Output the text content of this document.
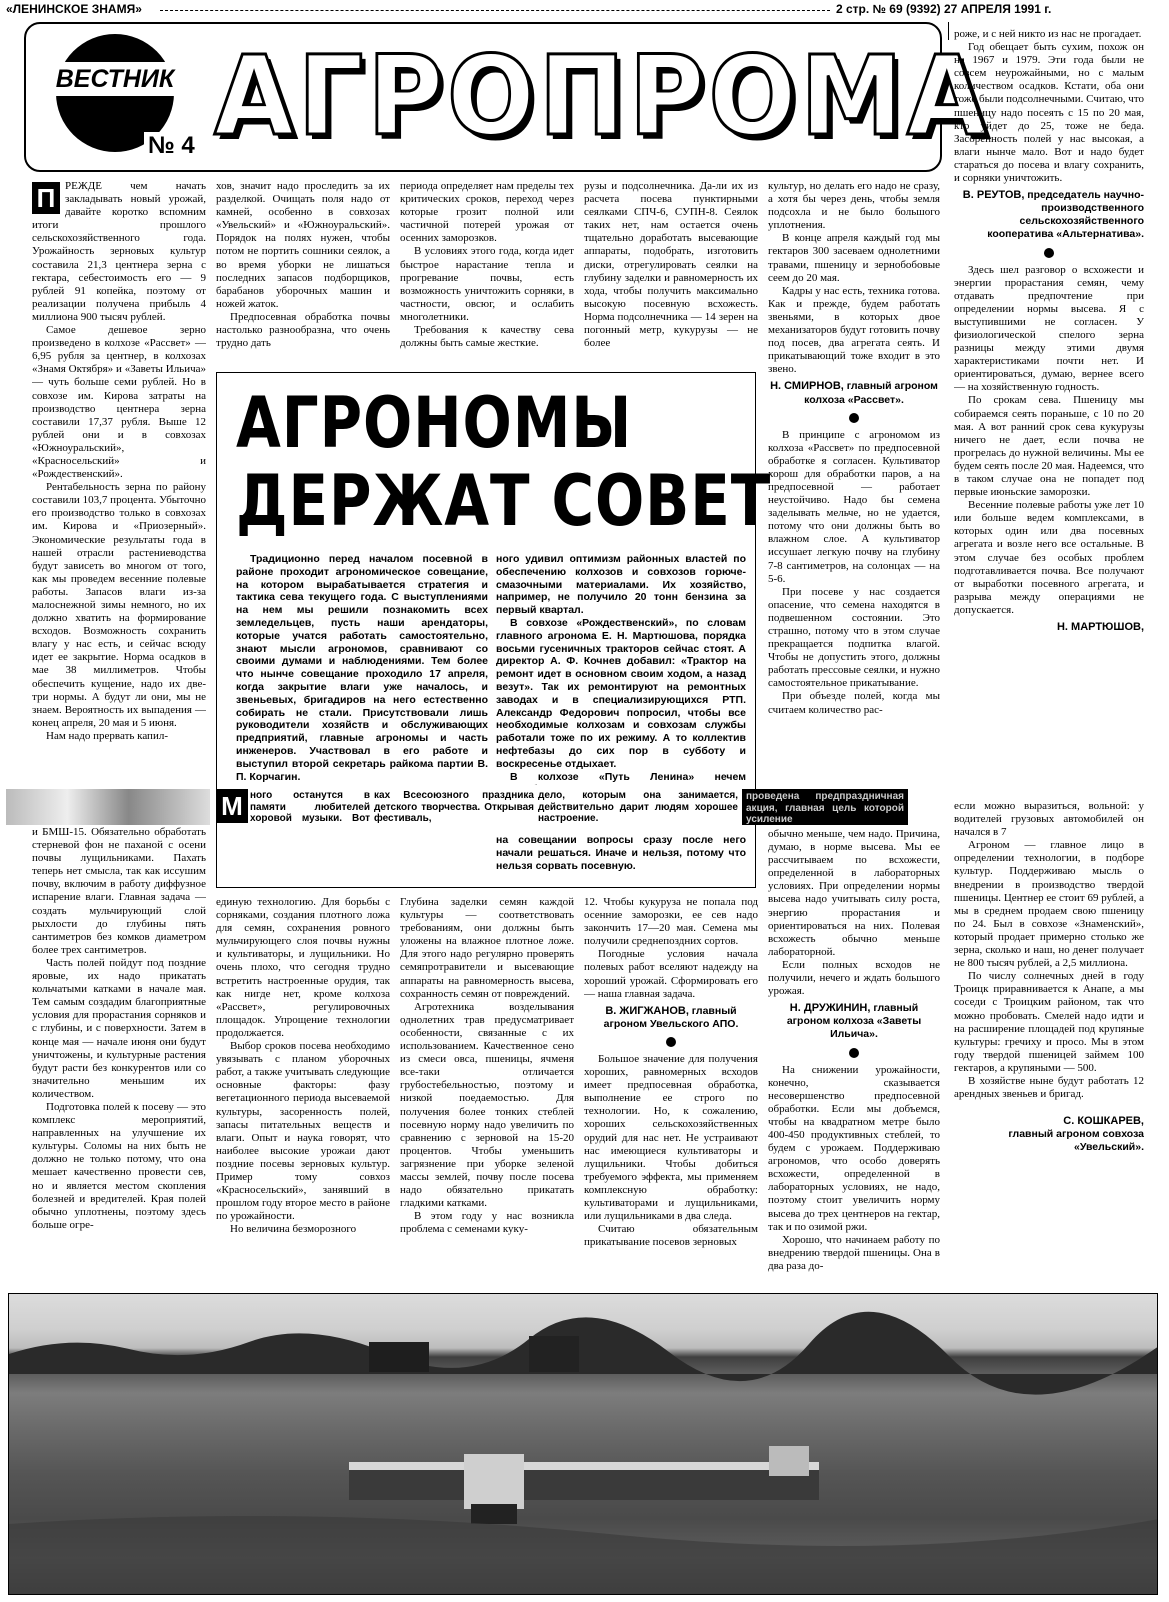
«ЛЕНИНСКОЕ ЗНАМЯ»	2 стр. № 69 (9392) 27 АПРЕЛЯ 1991 г.
ВЕСТНИК
№ 4 АГРОПРОМА

П РЕЖДЕ чем начать закладывать новый урожай, давайте коротко вспомним итоги прошлого сельскохозяйственного года. Урожайность зерновых культур составила 21,3 центнера зерна с гектара, себестоимость его — 9 рублей 91 копейка, поэтому от реализации получена прибыль 4 миллиона 900 тысяч рублей.

Самое дешевое зерно произведено в колхозе «Рассвет» — 6,95 рубля за центнер, в колхозах «Знамя Октября» и «Заветы Ильича» — чуть больше семи рублей. Но в совхозе им. Кирова затраты на производство центнера зерна составили 17,37 рубля. Выше 12 рублей они и в совхозах «Южноуральский», «Красносельский» и «Рождественский».

Рентабельность зерна по району составили 103,7 процента. Убыточно его производство только в совхозах им. Кирова и «Приозерный». Экономические результаты года в нашей отрасли растениеводства будут зависеть во многом от того, как мы проведем весенние полевые работы. Запасов влаги из-за малоснежной зимы немного, но их должно хватить на формирование всходов. Возможность сохранить влагу у нас есть, и сейчас всюду идет ее закрытие. Норма осадков в мае 38 миллиметров. Чтобы обеспечить кущение, надо их две-три нормы. А будут ли они, мы не знаем. Вероятность их выпадения — конец апреля, 20 мая и 5 июня.

Нам надо прервать капил-

и БМШ-15. Обязательно обработать стерневой фон не паханой с осени почвы лущильниками. Пахать теперь нет смысла, так как иссушим почву, включим в работу диффузное испарение влаги. Главная задача — создать мульчирующий слой рыхлости до глубины пять сантиметров без комков диаметром более трех сантиметров.

Часть полей пойдут под поздние яровые, их надо прикатать кольчатыми катками в начале мая. Тем самым создадим благоприятные условия для прорастания сорняков и с глубины, и с поверхности. Затем в конце мая — начале июня они будут уничтожены, и культурные растения будут расти без конкурентов или со значительно меньшим их количеством.

Подготовка полей к посеву — это комплекс мероприятий, направленных на улучшение их культуры. Соломы на них быть не должно не только потому, что она мешает качественно провести сев, но и является местом скопления болезней и вредителей. Края полей обычно уплотнены, поэтому здесь больше огре-

хов, значит надо проследить за их разделкой. Очищать поля надо от камней, особенно в совхозах «Увельский» и «Южноуральский». Порядок на полях нужен, чтобы потом не портить сошники сеялок, а во время уборки не лишаться последних запасов подборщиков, барабанов уборочных машин и ножей жаток.

Предпосевная обработка почвы настолько разнообразна, что очень трудно дать

периода определяет нам пределы тех критических сроков, переход через которые грозит полной или частичной потерей урожая от осенних заморозков.

В условиях этого года, когда идет быстрое нарастание тепла и прогревание почвы, есть возможность уничтожить сорняки, в частности, овсюг, и ослабить многолетники.

Требования к качеству сева должны быть самые жесткие.

рузы и подсолнечника. Да-ли их из расчета посева пунктирными сеялками СПЧ-6, СУПН-8. Сеялок таких нет, нам остается очень тщательно доработать высевающие аппараты, подобрать, изготовить диски, отрегулировать сеялки на глубину заделки и равномерность их хода, чтобы получить максимально высокую посевную всхожесть. Норма подсолнечника — 14 зерен на погонный метр, кукурузы — не более

АГРОНОМЫ
ДЕРЖАТ СОВЕТ

Традиционно перед началом посевной в районе проходит агрономическое совещание, на котором вырабатывается стратегия и тактика сева текущего года. С выступлениями на нем мы решили познакомить всех земледельцев, пусть наши арендаторы, которые учатся работать самостоятельно, знают мысли агрономов, сравнивают со своими думами и наблюдениями. Тем более что нынче совещание проходило 17 апреля, когда закрытие влаги уже началось, и звеньевых, бригадиров на него естественно собирать не стали. Присутствовали лишь руководители хозяйств и обслуживающих предприятий, главные агрономы и часть инженеров. Участвовал в его работе и выступил второй секретарь райкома партии В. П. Корчагин.

ного удивил оптимизм районных властей по обеспечению колхозов и совхозов горюче-смазочными материалами. Их хозяйство, например, не получило 20 тонн бензина за первый квартал.

В совхозе «Рождественский», по словам главного агронома Е. Н. Мартюшова, порядка восьми гусеничных тракторов сейчас стоят. А директор А. Ф. Кочнев добавил: «Трактор на ремонт идет в основном своим ходом, а назад везут». Так их ремонтируют на ремонтных заводах и в специализирующихся РТП. Александр Федорович попросил, чтобы все необходимые колхозам и совхозам службы работали тоже по их режиму. А то коллектив нефтебазы до сих пор в субботу и воскресенье отдыхает.

В колхозе «Путь Ленина» нечем

М ного останутся в памяти любителей хоровой музыки. Вот

ках Всесоюзного праздника детского творчества. Открывая фестиваль,

дело, которым она занимается, действительно дарит людям хорошее настроение.

проведена предпраздничная акция, главная цель которой усиление

на совещании вопросы сразу после него начали решаться. Иначе и нельзя, потому что нельзя сорвать посевную.

культур, но делать его надо не сразу, а хотя бы через день, чтобы земля подсохла и не было большого уплотнения.

В конце апреля каждый год мы гектаров 300 засеваем однолетними травами, пшеницу и зернобобовые сеем до 20 мая.

Кадры у нас есть, техника готова. Как и прежде, будем работать звеньями, в которых двое механизаторов будут готовить почву под посев, два агрегата сеять. И прикатывающий тоже входит в это звено.

Н. СМИРНОВ, главный агроном колхоза «Рассвет».

В принципе с агрономом из колхоза «Рассвет» по предпосевной обработке я согласен. Культиватор хорош для обработки паров, а на предпосевной — работает неустойчиво. Надо бы семена заделывать мельче, но не удается, потому что они должны быть во влажном слое. А культиватор иссушает легкую почву на глубину 7-8 сантиметров, на солонцах — на 5-6.

При посеве у нас создается опасение, что семена находятся в подвешенном состоянии. Это страшно, потому что в этом случае прекращается подпитка влагой. Чтобы не допустить этого, должны работать прессовые сеялки, и нужно самостоятельное прикатывание.

При объезде полей, когда мы считаем количество рас-

обычно меньше, чем надо. Причина, думаю, в норме высева. Мы ее рассчитываем по всхожести, определенной в лабораторных условиях. При определении нормы высева надо учитывать силу роста, энергию прорастания и ориентироваться на них. Полевая всхожесть обычно меньше лабораторной.

Если полных всходов не получили, нечего и ждать большого урожая.

Н. ДРУЖИНИН, главный агроном колхоза «Заветы Ильича».

На снижении урожайности, конечно, сказывается несовершенство предпосевной обработки. Если мы добъемся, чтобы на квадратном метре было 400-450 продуктивных стеблей, то будем с урожаем. Поддерживаю агрономов, что особо доверять всхожести, определенной в лабораторных условиях, не надо, поэтому стоит увеличить норму высева до трех центнеров на гектар, так и по озимой ржи.

Хорошо, что начинаем работу по внедрению твердой пшеницы. Она в два раза до-

роже, и с ней никто из нас не прогадает.

Год обещает быть сухим, похож он на 1967 и 1979. Эти года были не совсем неурожайными, но с малым количеством осадков. Кстати, оба они тоже были подсолнечными. Считаю, что пшеницу надо посеять с 15 по 20 мая, кто уйдет до 25, тоже не беда. Засоренность полей у нас высокая, а влаги нынче мало. Вот и надо будет стараться до посева и влагу сохранить, и сорняки уничтожить.

В. РЕУТОВ, председатель научно-производственного сельскохозяйственного кооператива «Альтернатива».

Здесь шел разговор о всхожести и энергии прорастания семян, чему отдавать предпочтение при определении нормы высева. Я с выступившими не согласен. У физиологической спелого зерна разницы между этими двумя характеристиками почти нет. И ориентироваться, думаю, вернее всего — на хозяйственную годность.

По срокам сева. Пшеницу мы собираемся сеять пораньше, с 10 по 20 мая. А вот ранний срок сева кукурузы ничего не дает, если почва не прогрелась до нужной величины. Мы ее будем сеять после 20 мая. Надеемся, что в таком случае она не попадет под первые июньские заморозки.

Весенние полевые работы уже лет 10 или больше ведем комплексами, в которых один или два посевных агрегата и возле него все остальные. В этом случае без особых проблем подготавливается почва. Все получают от выработки посевного агрегата, и разрыва между операциями не допускается.

Н. МАРТЮШОВ,

если можно выразиться, вольной: у водителей грузовых автомобилей он начался в 7

Агроном — главное лицо в определении технологии, в подборе культур. Поддерживаю мысль о внедрении в производство твердой пшеницы. Центнер ее стоит 69 рублей, а мы в среднем продаем свою пшеницу по 24. Был в совхозе «Знаменский», который продает примерно столько же зерна, сколько и наш, но денег получает не 800 тысяч рублей, а 2,5 миллиона.

По числу солнечных дней в году Троицк приравнивается к Анапе, а мы соседи с Троицким районом, так что можно пробовать. Смелей надо идти и на расширение площадей под крупяные культуры: гречиху и просо. Мы в этом году твердой пшеницей займем 100 гектаров, а крупяными — 500.

В хозяйстве ныне будут работать 12 арендных звеньев и бригад.

С. КОШКАРЕВ,
главный агроном совхоза «Увельский».

единую технологию. Для борьбы с сорняками, создания плотного ложа для семян, сохранения ровного мульчирующего слоя почвы нужны и культиваторы, и лущильники. Но очень плохо, что сегодня трудно встретить настроенные орудия, так как нигде нет, кроме колхоза «Рассвет», регулировочных площадок. Упрощение технологии продолжается.

Выбор сроков посева необходимо увязывать с планом уборочных работ, а также учитывать следующие основные факторы: фазу вегетационного периода высеваемой культуры, засоренность полей, запасы питательных веществ и влаги. Опыт и наука говорят, что наиболее высокие урожаи дают поздние посевы зерновых культур. Пример тому совхоз «Красносельский», занявший в прошлом году второе место в районе по урожайности.

Но величина безморозного

Глубина заделки семян каждой культуры — соответствовать требованиям, они должны быть уложены на влажное плотное ложе. Для этого надо регулярно проверять семяпротравители и высевающие аппараты на равномерность высева, сохранность семян от повреждений.

Агротехника возделывания однолетних трав предусматривает особенности, связанные с их использованием. Качественное сено из смеси овса, пшеницы, ячменя все-таки отличается грубостебельностью, поэтому и низкой поедаемостью. Для получения более тонких стеблей посевную норму надо увеличить по сравнению с зерновой на 15-20 процентов. Чтобы уменьшить загрязнение при уборке зеленой массы землей, почву после посева надо обязательно прикатать гладкими катками.

В этом году у нас возникла проблема с семенами куку-

12. Чтобы кукуруза не попала под осенние заморозки, ее сев надо закончить 17—20 мая. Семена мы получили среднепоздних сортов.

Погодные условия начала полевых работ вселяют надежду на хороший урожай. Сформировать его — наша главная задача.

В. ЖИГЖАНОВ, главный агроном Увельского АПО.

Большое значение для получения хороших, равномерных всходов имеет предпосевная обработка, выполнение ее строго по технологии. Но, к сожалению, хороших сельскохозяйственных орудий для нас нет. Не устраивают нас имеющиеся культиваторы и лущильники. Чтобы добиться требуемого эффекта, мы применяем комплексную обработку: культиваторами и лущильниками, или лущильниками в два следа.

Считаю обязательным прикатывание посевов зерновых
